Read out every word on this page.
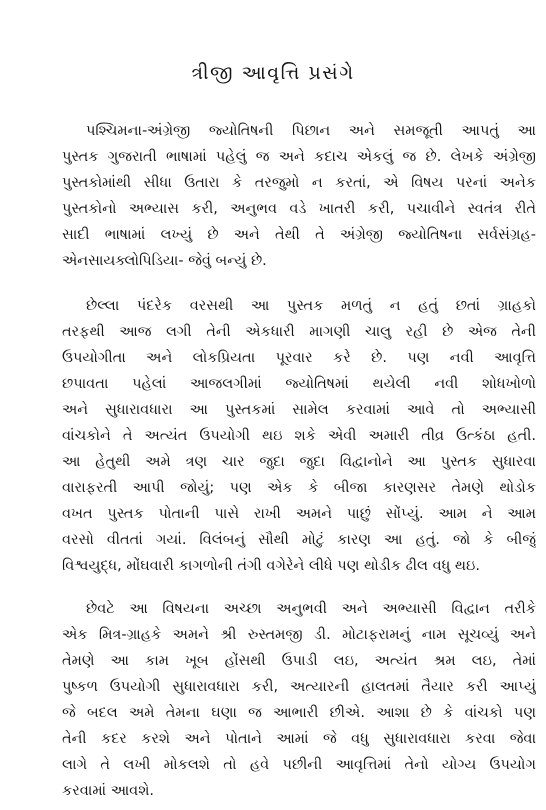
ત્રીજી આવૃત્તિ પ્રસંગે
પશ્ચિમના-અંગ્રેજી જ્યોતિષની પિછાન અને સમજૂતી આપતું આ
પુસ્તક ગુજરાતી ભાષામાં પહેલું જ અને કદાચ એકલું જ છે. લેખકે અંગ્રેજી
પુસ્તકોમાંથી સીધા ઉતારા કે તરજુમો ન કરતાં, એ વિષય પરનાં અનેક
પુસ્તકોનો અભ્યાસ કરી, અનુભવ વડે ખાતરી કરી, પચાવીને સ્વતંત્ર રીતે
સાદી ભાષામાં લખ્યું છે અને તેથી તે અંગ્રેજી જ્યોતિષના સર્વસંગ્રહ-
એનસાયક્લોપિડિયા- જેવું બન્યું છે.
છેલ્લા પંદરેક વરસથી આ પુસ્તક મળતું ન હતું છતાં ગ્રાહકો
તરફથી આજ લગી તેની એકધારી માગણી ચાલુ રહી છે એજ તેની
ઉપયોગીતા અને લોકપ્રિયતા પૂરવાર કરે છે. પણ નવી આવૃત્તિ
છપાવતા પહેલાં આજલગીમાં જ્યોતિષમાં થયેલી નવી શોધખોળો
અને સુધારાવધારા આ પુસ્તકમાં સામેલ કરવામાં આવે તો અભ્યાસી
વાંચકોને તે અત્યંત ઉપયોગી થઇ શકે એવી અમારી તીવ્ર ઉત્કંઠા હતી.
આ હેતુથી અમે ત્રણ ચાર જુદા જુદા વિદ્વાનોને આ પુસ્તક સુધારવા
વારાફરતી આપી જોયું; પણ એક કે બીજા કારણસર તેમણે થોડોક
વખત પુસ્તક પોતાની પાસે રાખી અમને પાછું સોંપ્યું. આમ ને આમ
વરસો વીતતાં ગયાં. વિલંબનું સૌથી મોટું કારણ આ હતું. જો કે બીજું
વિશ્વયુદ્ધ, મોંઘવારી કાગળોની તંગી વગેરેને લીધે પણ થોડીક ઢીલ વધુ થઇ.
છેવટે આ વિષયના અચ્છા અનુભવી અને અભ્યાસી વિદ્વાન તરીકે
એક મિત્ર-ગ્રાહકે અમને શ્રી રુસ્તમજી ડી. મોટાફરામનું નામ સૂચવ્યું અને
તેમણે આ કામ ખૂબ હોંસથી ઉપાડી લઇ, અત્યંત શ્રમ લઇ, તેમાં
પુષ્કળ ઉપયોગી સુધારાવધારા કરી, અત્યારની હાલતમાં તૈયાર કરી આપ્યું
જે બદલ અમે તેમના ઘણા જ આભારી છીએ. આશા છે કે વાંચકો પણ
તેની કદર કરશે અને પોતાને આમાં જે વધુ સુધારાવધારા કરવા જેવા
લાગે તે લખી મોકલશે તો હવે પછીની આવૃત્તિમાં તેનો યોગ્ય ઉપયોગ
કરવામાં આવશે.
